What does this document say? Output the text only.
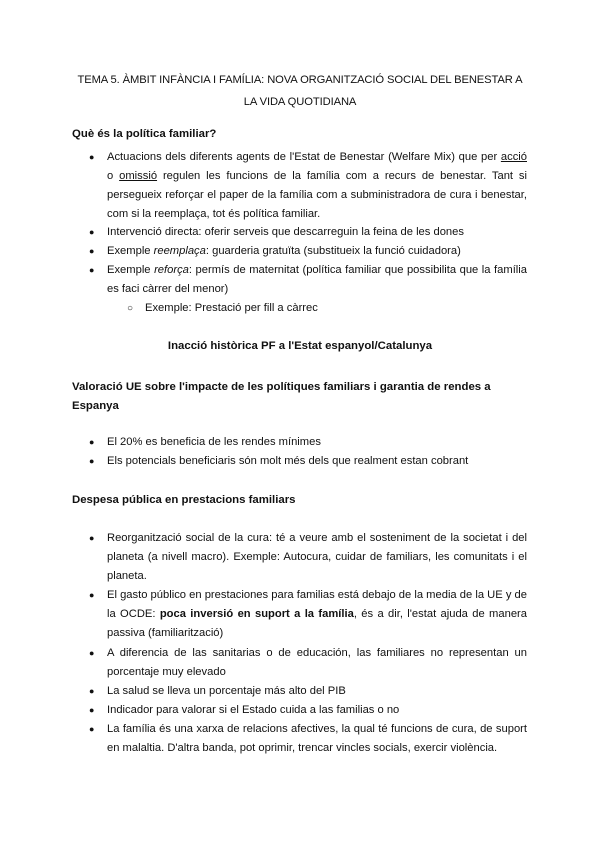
TEMA 5. ÀMBIT INFÀNCIA I FAMÍLIA: NOVA ORGANITZACIÓ SOCIAL DEL BENESTAR A
LA VIDA QUOTIDIANA
Què és la política familiar?
● Actuacions dels diferents agents de l'Estat de Benestar (Welfare Mix) que per acció o omissió regulen les funcions de la família com a recurs de benestar. Tant si persegueix reforçar el paper de la família com a subministradora de cura i benestar, com si la reemplaça, tot és política familiar.
● Intervenció directa: oferir serveis que descarreguin la feina de les dones
● Exemple reemplaça: guarderia gratuïta (substitueix la funció cuidadora)
● Exemple reforça: permís de maternitat (política familiar que possibilita que la família es faci càrrer del menor)
○ Exemple: Prestació per fill a càrrec
Inacció històrica PF a l'Estat espanyol/Catalunya
Valoració UE sobre l'impacte de les polítiques familiars i garantia de rendes a
Espanya
● El 20% es beneficia de les rendes mínimes
● Els potencials beneficiaris són molt més dels que realment estan cobrant
Despesa pública en prestacions familiars
● Reorganització social de la cura: té a veure amb el sosteniment de la societat i del planeta (a nivell macro). Exemple: Autocura, cuidar de familiars, les comunitats i el planeta.
● El gasto público en prestaciones para familias está debajo de la media de la UE y de la OCDE: poca inversió en suport a la família, és a dir, l'estat ajuda de manera passiva (familiarització)
● A diferencia de las sanitarias o de educación, las familiares no representan un porcentaje muy elevado
● La salud se lleva un porcentaje más alto del PIB
● Indicador para valorar si el Estado cuida a las familias o no
● La família és una xarxa de relacions afectives, la qual té funcions de cura, de suport en malaltia. D'altra banda, pot oprimir, trencar vincles socials, exercir violència.
